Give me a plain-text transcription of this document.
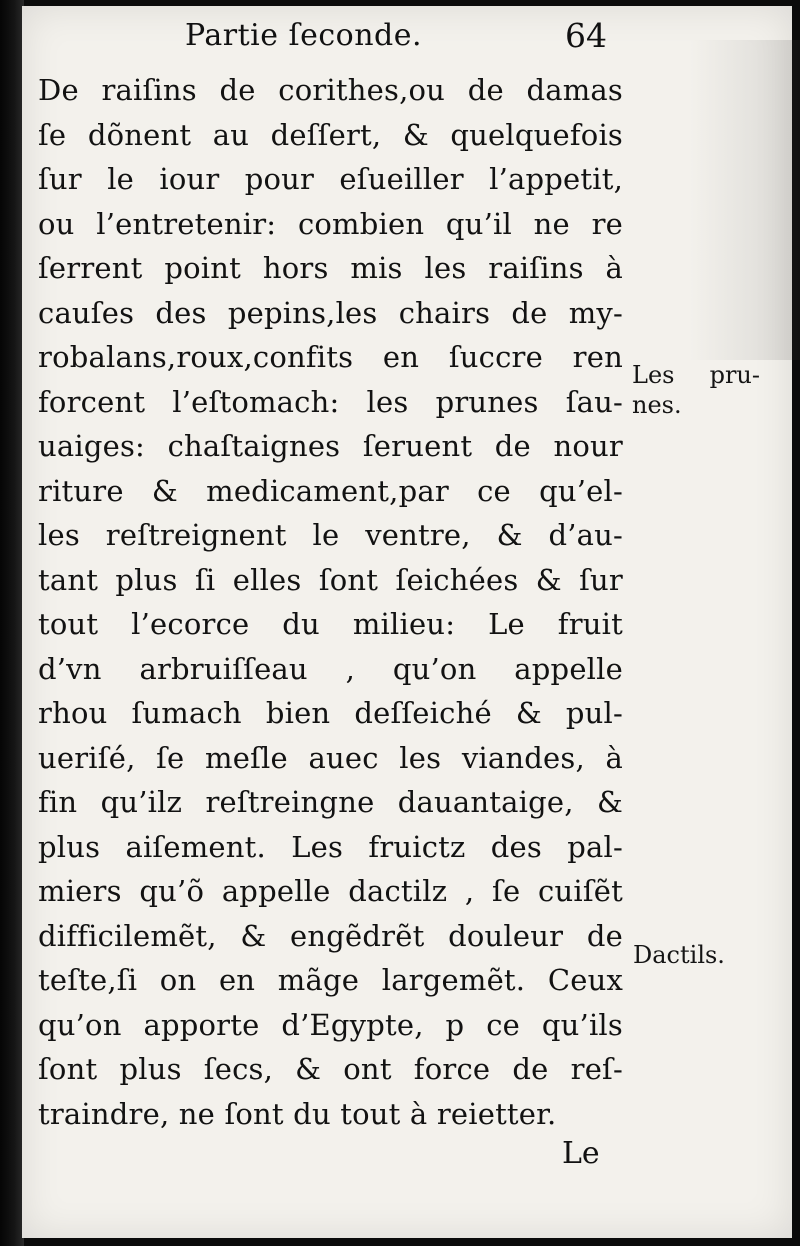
Partie ſeconde.	64
De raiſins de corithes,ou de damas
ſe dõnent au deſſert, & quelquefois
ſur le iour pour eſueiller l’appetit,
ou l’entretenir: combien qu’il ne re
ſerrent point hors mis les raiſins à
cauſes des pepins,les chairs de my-
robalans,roux,confits en ſuccre ren
forcent l’eſtomach: les prunes ſau-
uaiges: chaſtaignes ſeruent de nour
riture & medicament,par ce qu’el-
les reſtreignent le ventre, & d’au-
tant plus ſi elles ſont ſeichées & ſur
tout l’ecorce du milieu: Le fruit
d’vn arbruiſſeau , qu’on appelle
rhou ſumach bien deſſeiché & pul-
ueriſé, ſe meſle auec les viandes, à
fin qu’ilz reſtreingne dauantaige, &
plus aiſement. Les fruictz des pal-
miers qu’õ appelle dactilz , ſe cuiſẽt
difficilemẽt, & engẽdrẽt douleur de
teſte,ſi on en mãge largemẽt. Ceux
qu’on apporte d’Egypte, p ce qu’ils
ſont plus ſecs, & ont force de reſ-
traindre, ne ſont du tout à reietter.
Le
Les pru-
nes.
Dactils.
